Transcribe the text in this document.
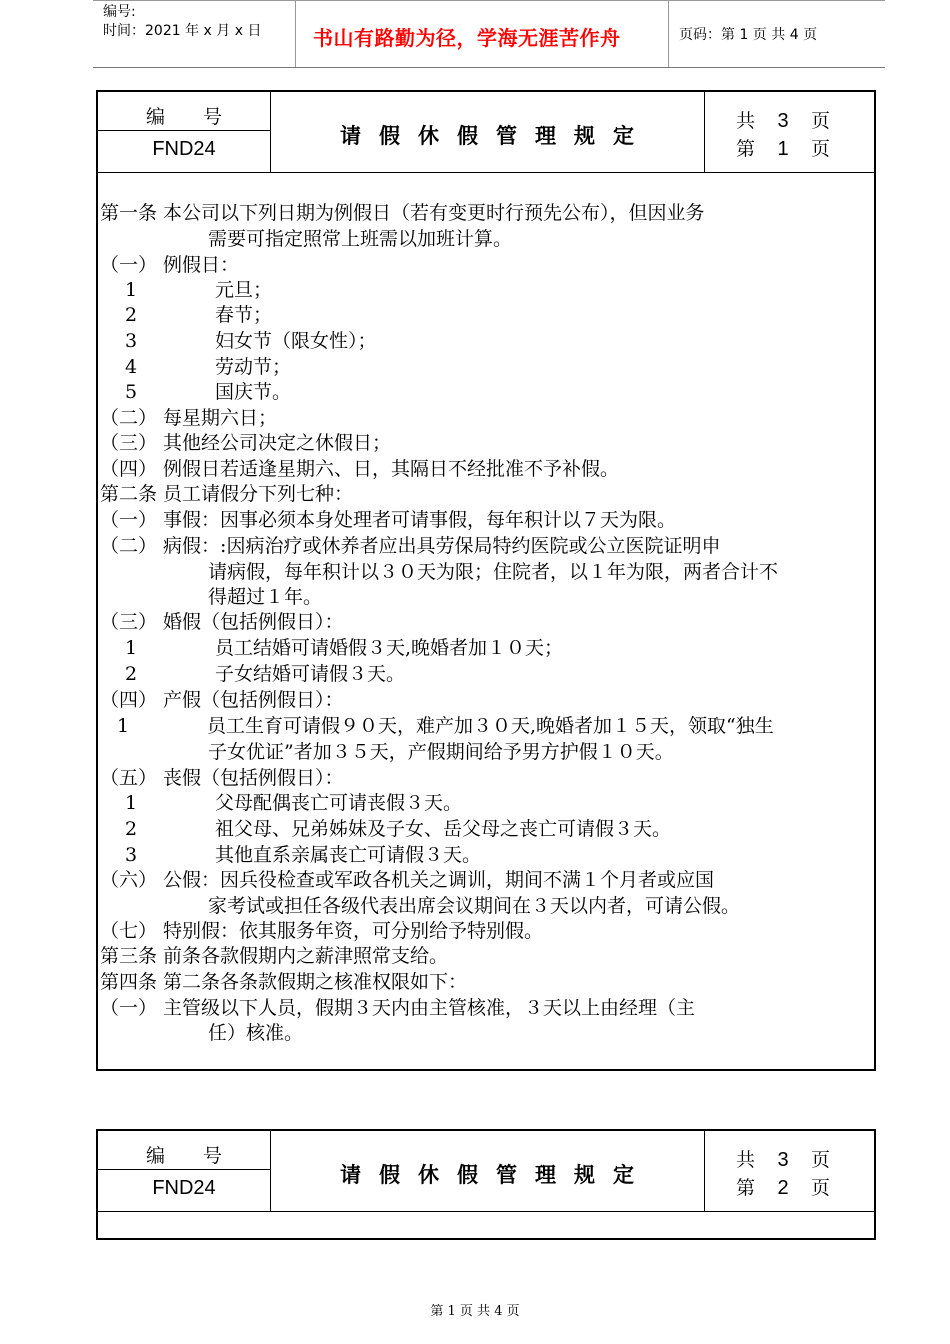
编号:
时间：2021 年 x 月 x 日	书山有路勤为径，学海无涯苦作舟	页码：第 1 页 共 4 页
编号
FND24
请假休假管理规定
共 3 页
第 1 页
第一条 本公司以下列日期为例假日（若有变更时行预先公布），但因业务
需要可指定照常上班需以加班计算。
（一） 例假日：
1	元旦；
2	春节；
3	妇女节（限女性）；
4	劳动节；
5	国庆节。
（二） 每星期六日；
（三） 其他经公司决定之休假日；
（四） 例假日若适逢星期六、日，其隔日不经批准不予补假。
第二条 员工请假分下列七种：
（一） 事假：因事必须本身处理者可请事假，每年积计以７天为限。
（二） 病假：:因病治疗或休养者应出具劳保局特约医院或公立医院证明申
请病假，每年积计以３０天为限；住院者，以１年为限，两者合计不
得超过１年。
（三） 婚假（包括例假日）：
1	员工结婚可请婚假３天,晚婚者加１０天；
2	子女结婚可请假３天。
（四） 产假（包括例假日）：
1	员工生育可请假９０天，难产加３０天,晚婚者加１５天，领取“独生
子女优证”者加３５天，产假期间给予男方护假１０天。
（五） 丧假（包括例假日）：
1	父母配偶丧亡可请丧假３天。
2	祖父母、兄弟姊妹及子女、岳父母之丧亡可请假３天。
3	其他直系亲属丧亡可请假３天。
（六） 公假：因兵役检查或军政各机关之调训，期间不满１个月者或应国
家考试或担任各级代表出席会议期间在３天以内者，可请公假。
（七） 特别假：依其服务年资，可分别给予特别假。
第三条 前条各款假期内之薪津照常支给。
第四条 第二条各条款假期之核准权限如下：
（一） 主管级以下人员，假期３天内由主管核准，３天以上由经理（主
任）核准。
编号
FND24
请假休假管理规定
共 3 页
第 2 页
第 1 页 共 4 页
